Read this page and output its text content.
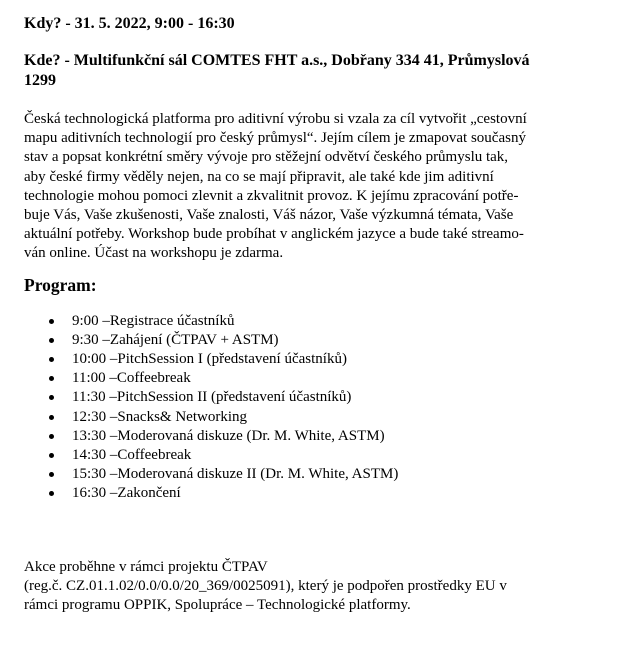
Kdy? - 31. 5. 2022, 9:00 - 16:30

Kde? - Multifunkční sál COMTES FHT a.s., Dobřany 334 41, Průmyslová 1299

Česká technologická platforma pro aditivní výrobu si vzala za cíl vytvořit „cestovní
mapu aditivních technologií pro český průmysl“. Jejím cílem je zmapovat současný
stav a popsat konkrétní směry vývoje pro stěžejní odvětví českého průmyslu tak,
aby české firmy věděly nejen, na co se mají připravit, ale také kde jim aditivní
technologie mohou pomoci zlevnit a zkvalitnit provoz. K jejímu zpracování potře-
buje Vás, Vaše zkušenosti, Vaše znalosti, Váš názor, Vaše výzkumná témata, Vaše
aktuální potřeby. Workshop bude probíhat v anglickém jazyce a bude také streamo-
ván online. Účast na workshopu je zdarma.

Program:

9:00 –Registrace účastníků
9:30 –Zahájení (ČTPAV + ASTM)
10:00 –PitchSession I (představení účastníků)
11:00 –Coffeebreak
11:30 –PitchSession II (představení účastníků)
12:30 –Snacks& Networking
13:30 –Moderovaná diskuze (Dr. M. White, ASTM)
14:30 –Coffeebreak
15:30 –Moderovaná diskuze II (Dr. M. White, ASTM)
16:30 –Zakončení

Akce proběhne v rámci projektu ČTPAV
(reg.č. CZ.01.1.02/0.0/0.0/20_369/0025091), který je podpořen prostředky EU v
rámci programu OPPIK, Spolupráce – Technologické platformy.
